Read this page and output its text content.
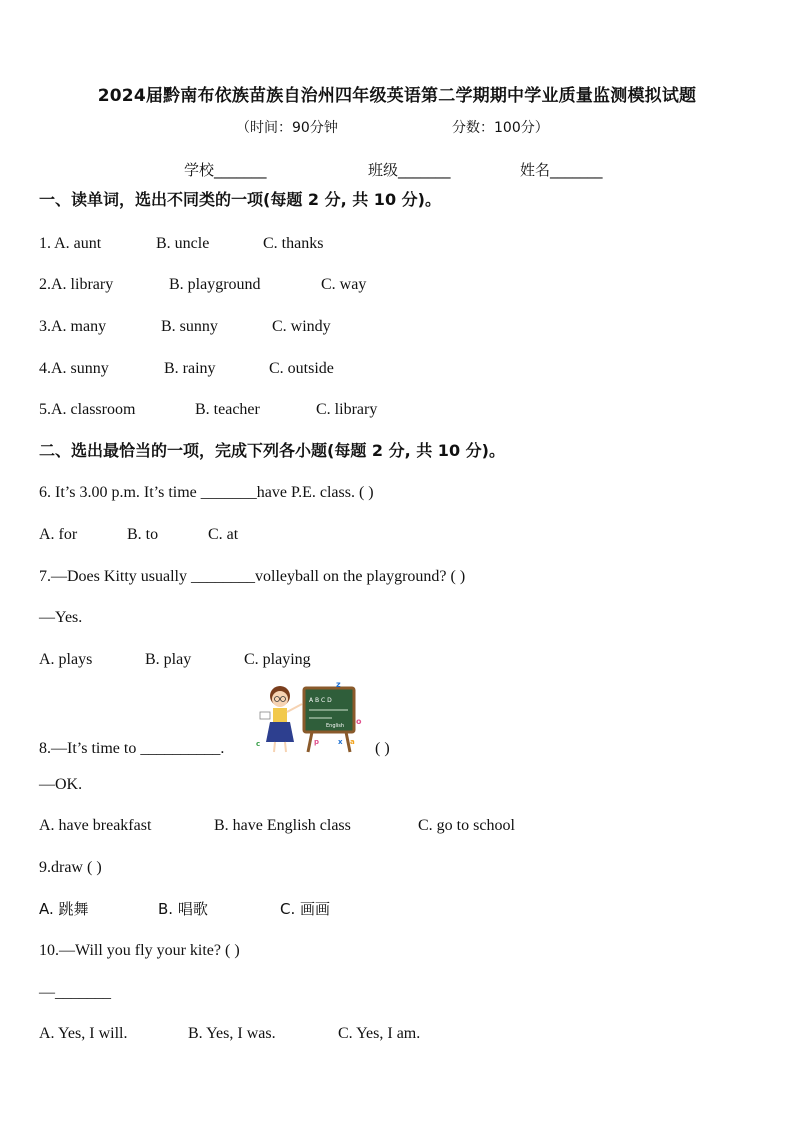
2024届黔南布依族苗族自治州四年级英语第二学期期中学业质量监测模拟试题
（时间：90分钟	分数：100分）
学校_______	班级_______	姓名_______
一、读单词，选出不同类的一项(每题 2 分, 共 10 分)。
1. A. aunt	B. uncle	C. thanks
2.A. library	B. playground	C. way
3.A. many	B. sunny	C. windy
4.A. sunny	B. rainy	C. outside
5.A. classroom	B. teacher	C. library
二、选出最恰当的一项，完成下列各小题(每题 2 分, 共 10 分)。
6. It’s 3.00 p.m. It’s time _______have P.E. class. ( )
A. for	B. to	C. at
7.—Does Kitty usually ________volleyball on the playground? ( )
—Yes.
A. plays	B. play	C. playing
8.—It’s time to __________.
A B C D
English
z
o
a
p	x
c	( )
—OK.
A. have breakfast	B. have English class	C. go to school
9.draw ( )
A. 跳舞	B. 唱歌	C. 画画
10.—Will you fly your kite? ( )
—_______
A. Yes, I will.	B. Yes, I was.	C. Yes, I am.
